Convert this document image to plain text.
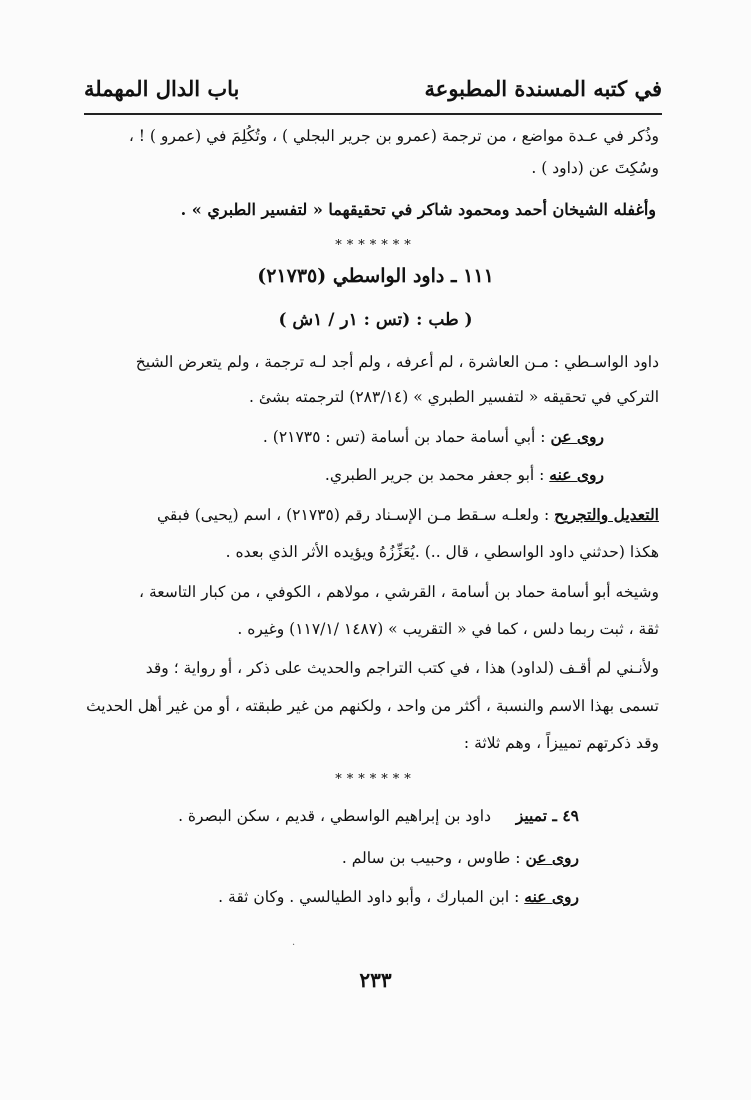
في كتبه المسندة المطبوعة
باب الدال المهملة
وذُكر في عـدة مواضع ، من ترجمة (عمرو بن جرير البجلي ) ، وتُكُلِمَ في (عمرو ) ! ،
وسُكِتَ عن (داود ) .
وأغفله الشيخان أحمد ومحمود شاكر في تحقيقهما « لتفسير الطبري » .
*******
١١١ ـ داود الواسطي (٢١٧٣٥)
( طب : (تس : ١ر / ١ش )
داود الواسـطي : مـن العاشرة ، لم أعرفه ، ولم أجد لـه ترجمة ، ولم يتعرض الشيخ
التركي في تحقيقه « لتفسير الطبري » (٢٨٣/١٤) لترجمته بشئ .
روى عن : أبي أسامة حماد بن أسامة (تس : ٢١٧٣٥) .
روى عنه : أبو جعفر محمد بن جرير الطبري.
التعديل والتجريح : ولعلـه سـقط مـن الإسـناد رقم (٢١٧٣٥) ، اسم (يحيى) فبقي
هكذا (حدثني داود الواسطي ، قال ..) .يُعَزِّزُهُ ويؤيده الأثر الذي بعده .
وشيخه أبو أسامة حماد بن أسامة ، القرشي ، مولاهم ، الكوفي ، من كبار التاسعة ،
ثقة ، ثبت ربما دلس ، كما في « التقريب » (١٤٨٧ /١١٧/١) وغيره .
ولأنـني لم أقـف (لداود) هذا ، في كتب التراجم والحديث على ذكر ، أو رواية ؛ وقد
تسمى بهذا الاسم والنسبة ، أكثر من واحد ، ولكنهم من غير طبقته ، أو من غير أهل الحديث
وقد ذكرتهم تمييزاً ، وهم ثلاثة :
*******
٤٩ ـ تمييز
داود بن إبراهيم الواسطي ، قديم ، سكن البصرة .
روى عن : طاوس ، وحبيب بن سالم .
روى عنه : ابن المبارك ، وأبو داود الطيالسي . وكان ثقة .
·
٢٣٣
